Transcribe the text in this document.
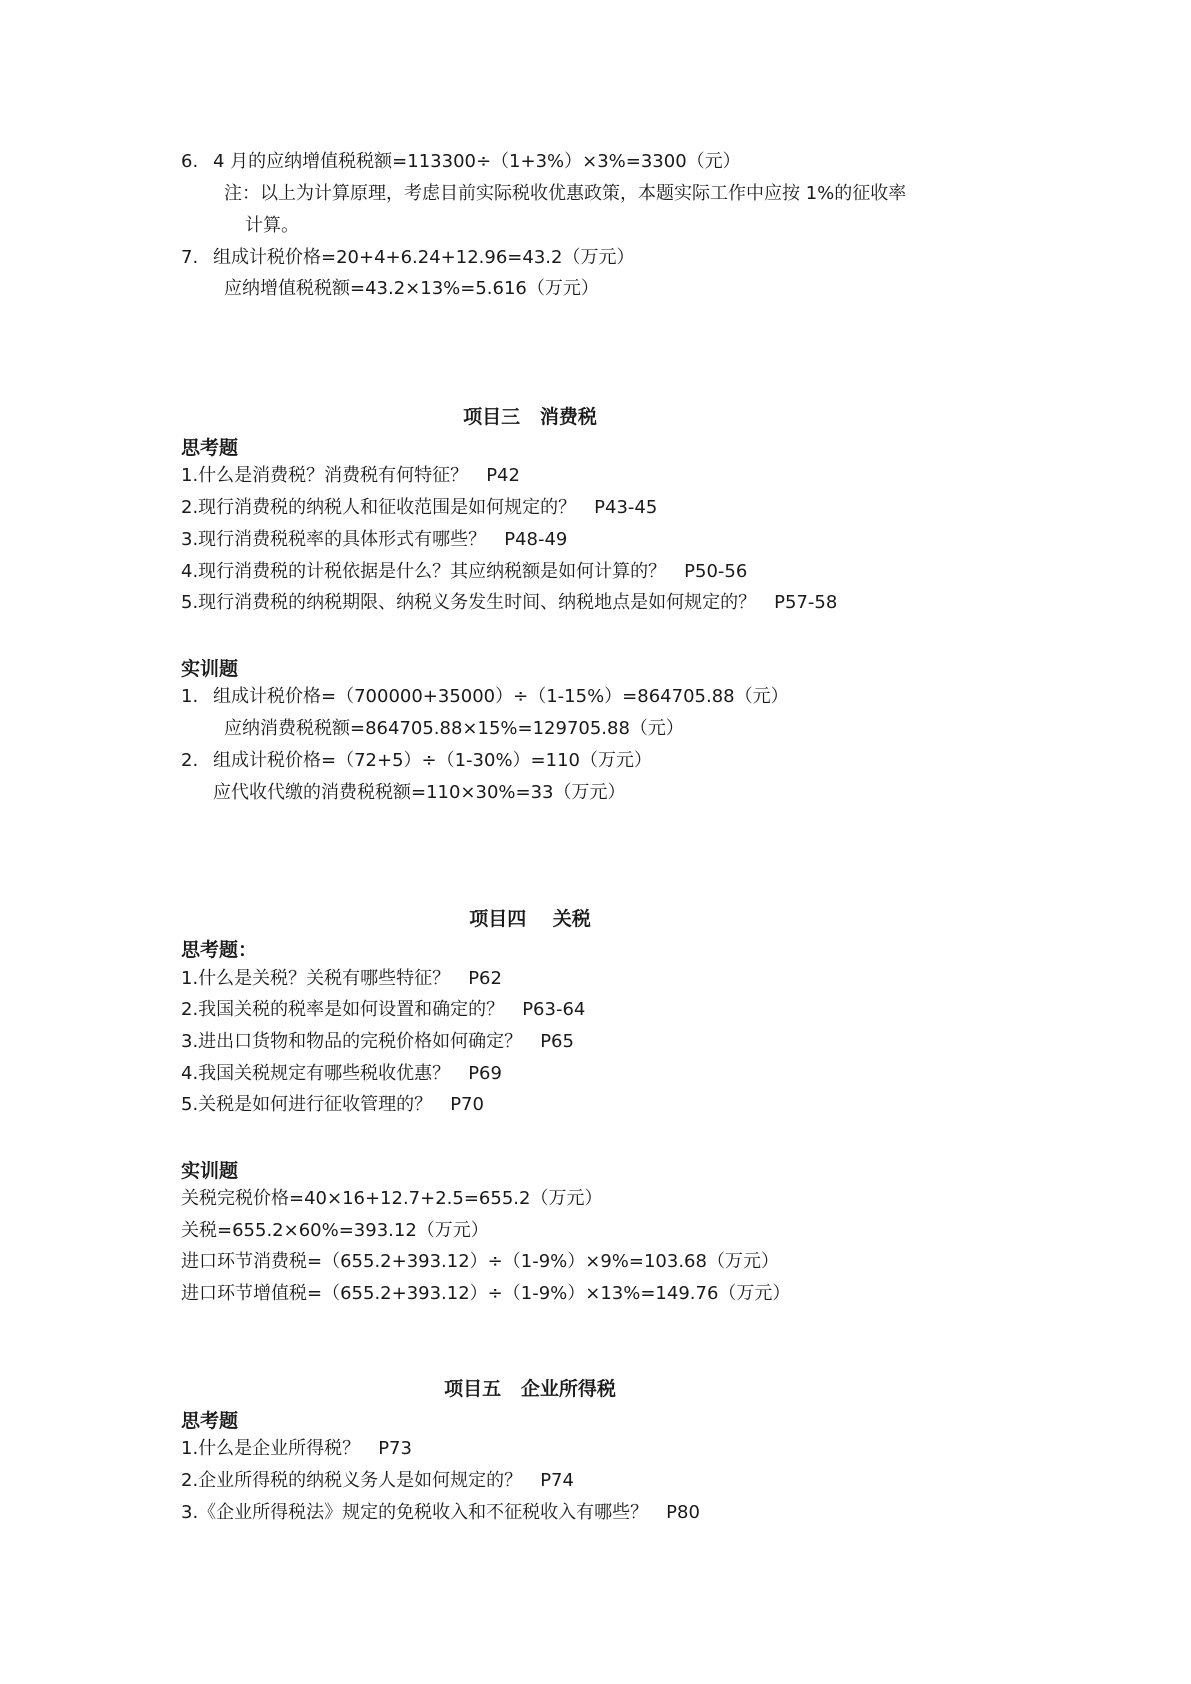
6. 4 月的应纳增值税税额=113300÷（1+3%）×3%=3300（元）
注：以上为计算原理，考虑目前实际税收优惠政策，本题实际工作中应按 1%的征收率
计算。
7. 组成计税价格=20+4+6.24+12.96=43.2（万元）
应纳增值税税额=43.2×13%=5.616（万元）
项目三   消费税
思考题
1.什么是消费税？消费税有何特征？ P42
2.现行消费税的纳税人和征收范围是如何规定的？ P43-45
3.现行消费税税率的具体形式有哪些？ P48-49
4.现行消费税的计税依据是什么？其应纳税额是如何计算的？ P50-56
5.现行消费税的纳税期限、纳税义务发生时间、纳税地点是如何规定的？ P57-58
实训题
1. 组成计税价格=（700000+35000）÷（1-15%）=864705.88（元）
应纳消费税税额=864705.88×15%=129705.88（元）
2. 组成计税价格=（72+5）÷（1-30%）=110（万元）
应代收代缴的消费税税额=110×30%=33（万元）
项目四    关税
思考题：
1.什么是关税？关税有哪些特征？ P62
2.我国关税的税率是如何设置和确定的？ P63-64
3.进出口货物和物品的完税价格如何确定？ P65
4.我国关税规定有哪些税收优惠？ P69
5.关税是如何进行征收管理的？ P70
实训题
关税完税价格=40×16+12.7+2.5=655.2（万元）
关税=655.2×60%=393.12（万元）
进口环节消费税=（655.2+393.12）÷（1-9%）×9%=103.68（万元）
进口环节增值税=（655.2+393.12）÷（1-9%）×13%=149.76（万元）
项目五   企业所得税
思考题
1.什么是企业所得税？ P73
2.企业所得税的纳税义务人是如何规定的？ P74
3.《企业所得税法》规定的免税收入和不征税收入有哪些？ P80
